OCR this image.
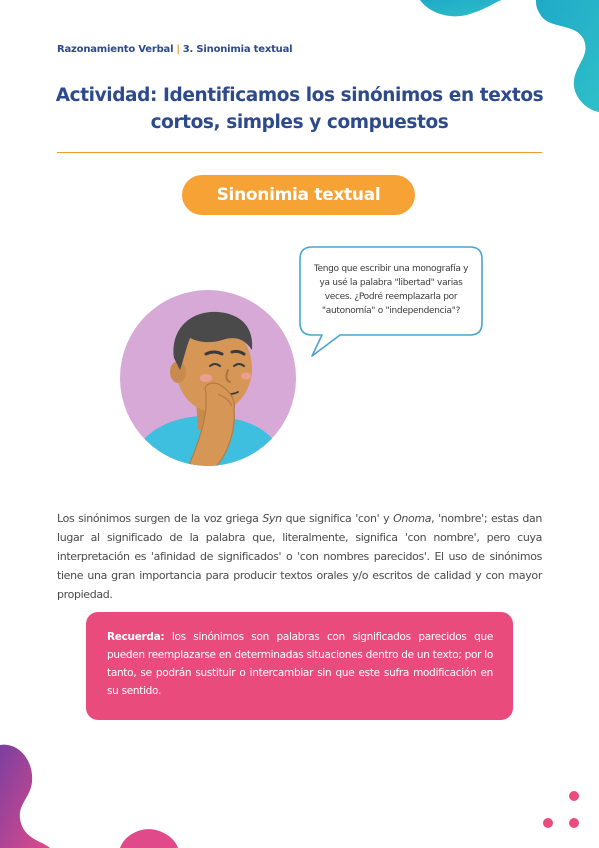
Razonamiento Verbal | 3. Sinonimia textual
Actividad: Identificamos los sinónimos en textos
cortos, simples y compuestos
Sinonimia textual
Tengo que escribir una monografía y ya usé la palabra "libertad" varias veces. ¿Podré reemplazarla por "autonomía" o "independencia"?
Los sinónimos surgen de la voz griega Syn que significa 'con' y Onoma, 'nombre'; estas dan lugar al significado de la palabra que, literalmente, significa 'con nombre', pero cuya interpretación es 'afinidad de significados' o 'con nombres parecidos'. El uso de sinónimos tiene una gran importancia para producir textos orales y/o escritos de calidad y con mayor propiedad.
Recuerda: los sinónimos son palabras con significados parecidos que pueden reemplazarse en determinadas situaciones dentro de un texto; por lo tanto, se podrán sustituir o intercambiar sin que este sufra modificación en su sentido.
